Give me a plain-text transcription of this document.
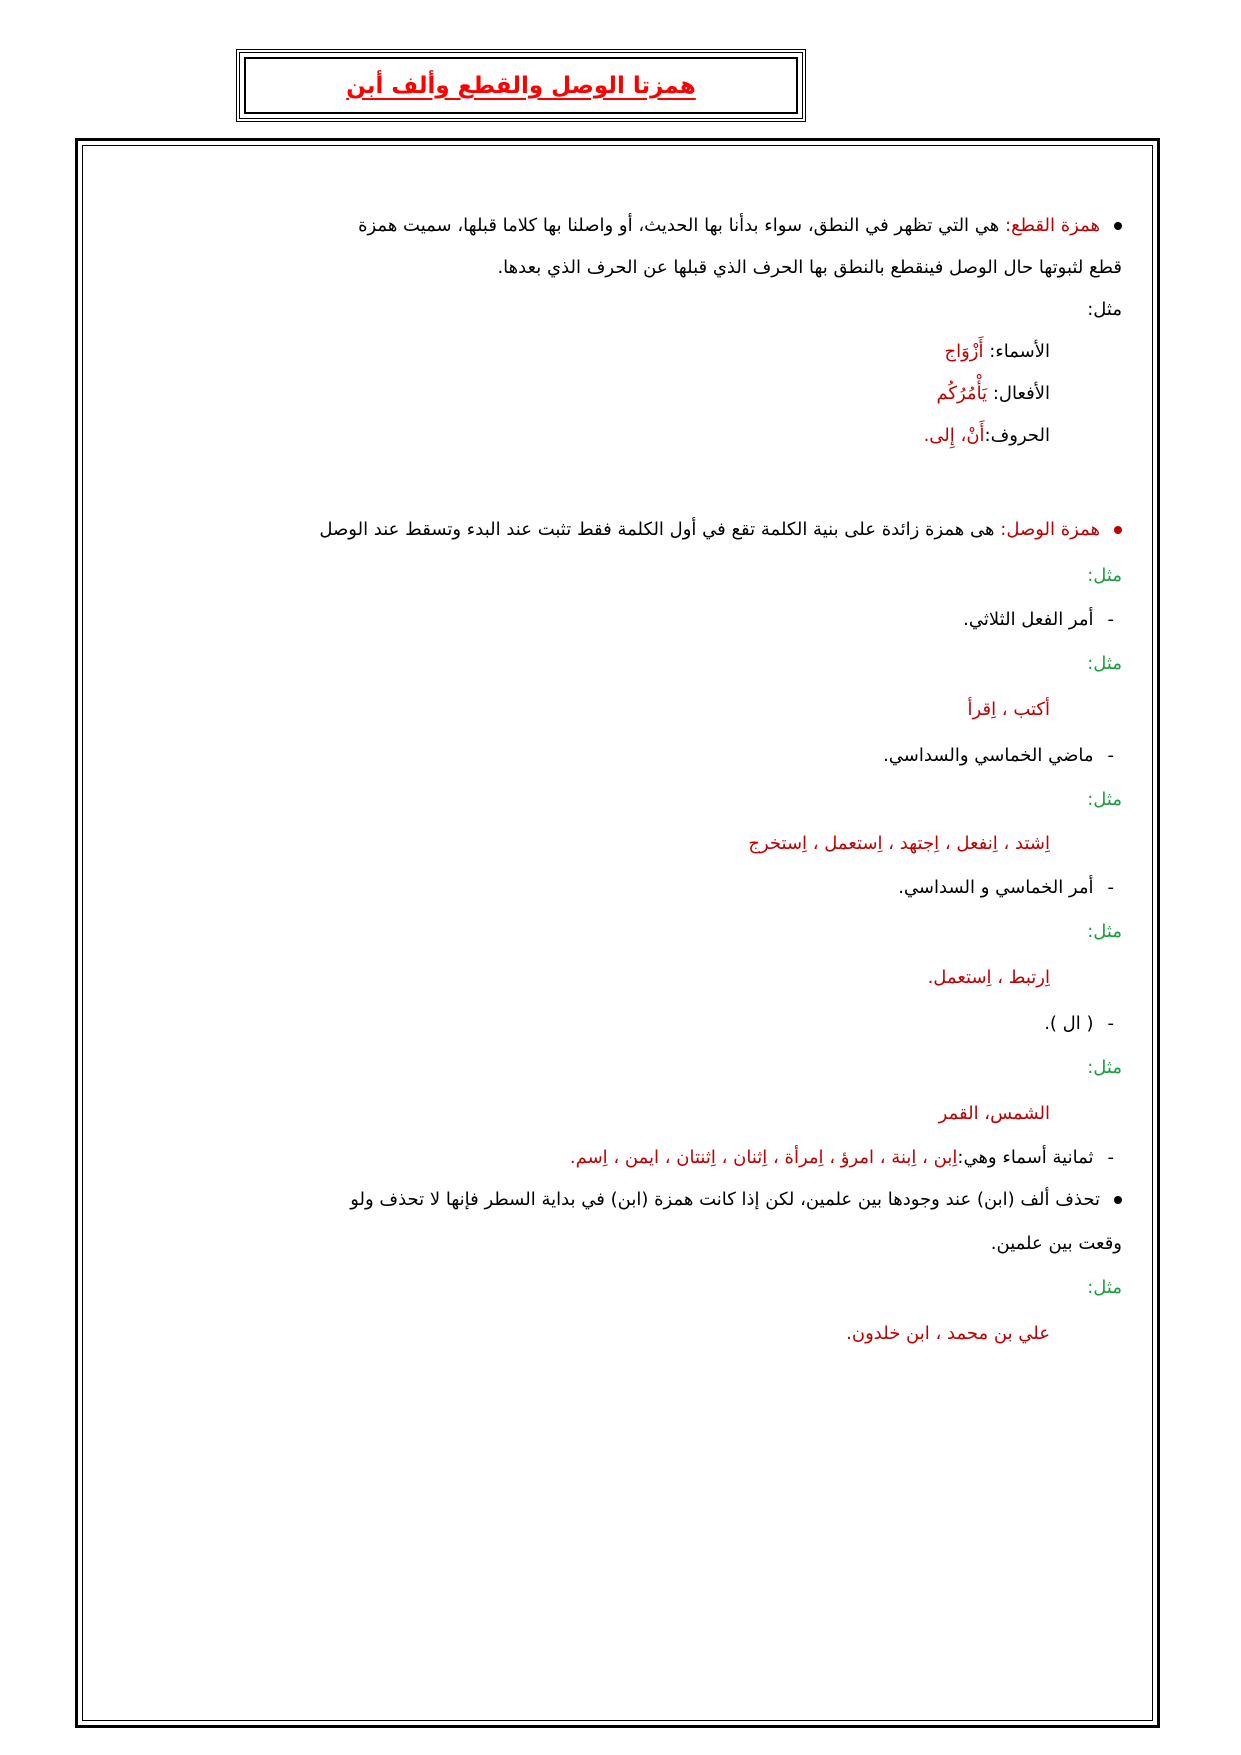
همزتا الوصل والقطع وألف أبن
همزة القطع: هي التي تظهر في النطق، سواء بدأنا بها الحديث، أو واصلنا بها كلاما قبلها، سميت همزة
قطع لثبوتها حال الوصل فينقطع بالنطق بها الحرف الذي قبلها عن الحرف الذي بعدها.
مثل:
الأسماء: أَزْوَاج
الأفعال: يَأْمُرُكُم
الحروف:أَنْ، إِلى.
همزة الوصل: هى همزة زائدة على بنية الكلمة تقع في أول الكلمة فقط تثبت عند البدء وتسقط عند الوصل
مثل:
-أمر الفعل الثلاثي.
مثل:
أكتب ، اِقرأ
-ماضي الخماسي والسداسي.
مثل:
اِشتد ، اِنفعل ، اِجتهد ، اِستعمل ، اِستخرج
-أمر الخماسي و السداسي.
مثل:
اِرتبط ، اِستعمل.
-( ال ).
مثل:
الشمس، القمر
-ثمانية أسماء وهي:اِبن ، اِبنة ، امرؤ ، اِمرأة ، اِثنان ، اِثنتان ، ايمن ، اِسم.
تحذف ألف (ابن) عند وجودها بين علمين، لكن إذا كانت همزة (ابن) في بداية السطر فإنها لا تحذف ولو
وقعت بين علمين.
مثل:
علي بن محمد ، ابن خلدون.
